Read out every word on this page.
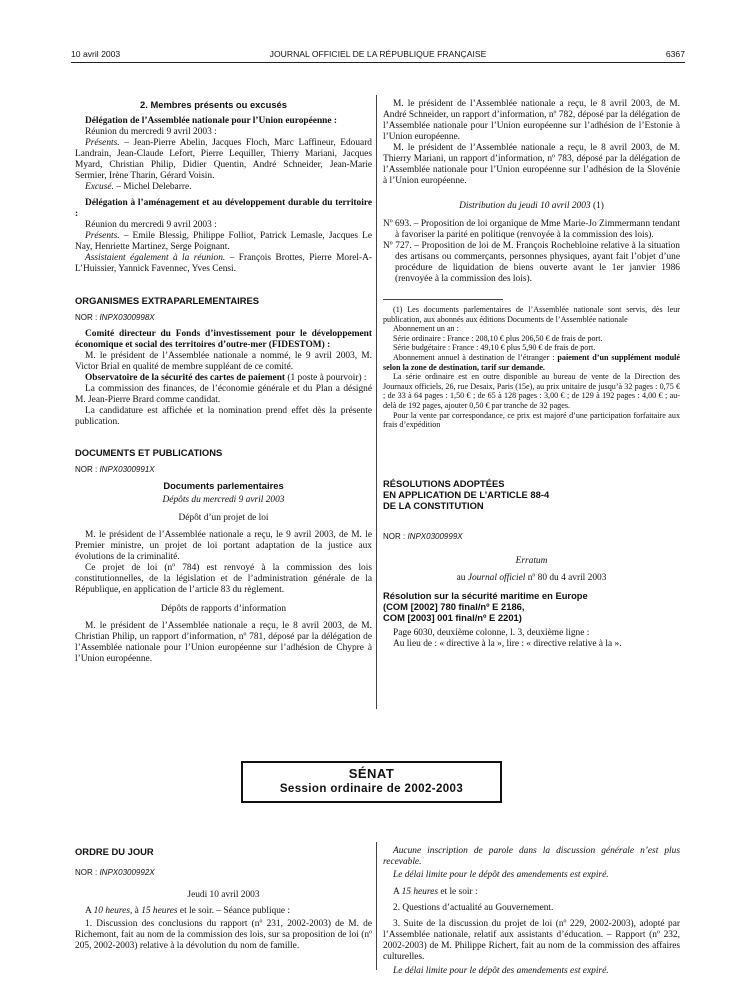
10 avril 2003	JOURNAL OFFICIEL DE LA RÉPUBLIQUE FRANÇAISE	6367

2. Membres présents ou excusés

Délégation de l’Assemblée nationale pour l’Union européenne :

Réunion du mercredi 9 avril 2003 :

Présents. – Jean-Pierre Abelin, Jacques Floch, Marc Laffineur, Edouard Landrain, Jean-Claude Lefort, Pierre Lequiller, Thierry Mariani, Jacques Myard, Christian Philip, Didier Quentin, André Schneider, Jean-Marie Sermier, Irène Tharin, Gérard Voisin.

Excusé. – Michel Delebarre.

Délégation à l’aménagement et au développement durable du territoire :

Réunion du mercredi 9 avril 2003 :

Présents. – Emile Blessig, Philippe Folliot, Patrick Lemasle, Jacques Le Nay, Henriette Martinez, Serge Poignant.

Assistaient également à la réunion. – François Brottes, Pierre Morel-A-L’Huissier, Yannick Favennec, Yves Censi.

ORGANISMES EXTRAPARLEMENTAIRES

NOR : INPX0300998X

Comité directeur du Fonds d’investissement pour le développement économique et social des territoires d’outre-mer (FIDESTOM) :

M. le président de l’Assemblée nationale a nommé, le 9 avril 2003, M. Victor Brial en qualité de membre suppléant de ce comité.

Observatoire de la sécurité des cartes de paiement (1 poste à pourvoir) :

La commission des finances, de l’économie générale et du Plan a désigné M. Jean-Pierre Brard comme candidat.

La candidature est affichée et la nomination prend effet dès la présente publication.

DOCUMENTS ET PUBLICATIONS

NOR : INPX0300991X

Documents parlementaires

Dépôts du mercredi 9 avril 2003

Dépôt d’un projet de loi

M. le président de l’Assemblée nationale a reçu, le 9 avril 2003, de M. le Premier ministre, un projet de loi portant adaptation de la justice aux évolutions de la criminalité.

Ce projet de loi (nº 784) est renvoyé à la commission des lois constitutionnelles, de la législation et de l’administration générale de la République, en application de l’article 83 du règlement.

Dépôts de rapports d’information

M. le président de l’Assemblée nationale a reçu, le 8 avril 2003, de M. Christian Philip, un rapport d’information, nº 781, déposé par la délégation de l’Assemblée nationale pour l’Union européenne sur l’adhésion de Chypre à l’Union européenne.

M. le président de l’Assemblée nationale a reçu, le 8 avril 2003, de M. André Schneider, un rapport d’information, nº 782, déposé par la délégation de l’Assemblée nationale pour l’Union européenne sur l’adhésion de l’Estonie à l’Union européenne.

M. le président de l’Assemblée nationale a reçu, le 8 avril 2003, de M. Thierry Mariani, un rapport d’information, nº 783, déposé par la délégation de l’Assemblée nationale pour l’Union européenne sur l’adhésion de la Slovénie à l’Union européenne.

Distribution du jeudi 10 avril 2003 (1)

Nº 693. – Proposition de loi organique de Mme Marie-Jo Zimmermann tendant à favoriser la parité en politique (renvoyée à la commission des lois).

Nº 727. – Proposition de loi de M. François Rochebloine relative à la situation des artisans ou commerçants, personnes physiques, ayant fait l’objet d’une procédure de liquidation de biens ouverte avant le 1er janvier 1986 (renvoyée à la commission des lois).

(1) Les documents parlementaires de l’Assemblée nationale sont servis, dès leur publication, aux abonnés aux éditions Documents de l’Assemblée nationale

Abonnement un an :

Série ordinaire : France : 208,10 € plus 206,50 € de frais de port.

Série budgétaire : France : 49,10 € plus 5,90 € de frais de port.

Abonnement annuel à destination de l’étranger : paiement d’un supplément modulé selon la zone de destination, tarif sur demande.

La série ordinaire est en outre disponible au bureau de vente de la Direction des Journaux officiels, 26, rue Desaix, Paris (15e), au prix unitaire de jusqu’à 32 pages : 0,75 € ; de 33 à 64 pages : 1,50 € ; de 65 à 128 pages : 3,00 € ; de 129 à 192 pages : 4,00 € ; au-delà de 192 pages, ajouter 0,50 € par tranche de 32 pages.

Pour la vente par correspondance, ce prix est majoré d’une participation forfaitaire aux frais d’expédition

RÉSOLUTIONS ADOPTÉES

EN APPLICATION DE L’ARTICLE 88-4

DE LA CONSTITUTION

NOR : INPX0300999X

Erratum

au Journal officiel nº 80 du 4 avril 2003

Résolution sur la sécurité maritime en Europe

(COM [2002] 780 final/nº E 2186,

COM [2003] 001 final/nº E 2201)

Page 6030, deuxième colonne, l. 3, deuxième ligne :

Au lieu de : « directive à la », lire : « directive relative à la ».

SÉNAT
Session ordinaire de 2002-2003

ORDRE DU JOUR

NOR : INPX0300992X

Jeudi 10 avril 2003

A 10 heures, à 15 heures et le soir. – Séance publique :

1. Discussion des conclusions du rapport (nº 231, 2002-2003) de M. de Richemont, fait au nom de la commission des lois, sur sa proposition de loi (nº 205, 2002-2003) relative à la dévolution du nom de famille.

Aucune inscription de parole dans la discussion générale n’est plus recevable.

Le délai limite pour le dépôt des amendements est expiré.

A 15 heures et le soir :

2. Questions d’actualité au Gouvernement.

3. Suite de la discussion du projet de loi (nº 229, 2002-2003), adopté par l’Assemblée nationale, relatif aux assistants d’éducation. – Rapport (nº 232, 2002-2003) de M. Philippe Richert, fait au nom de la commission des affaires culturelles.

Le délai limite pour le dépôt des amendements est expiré.
